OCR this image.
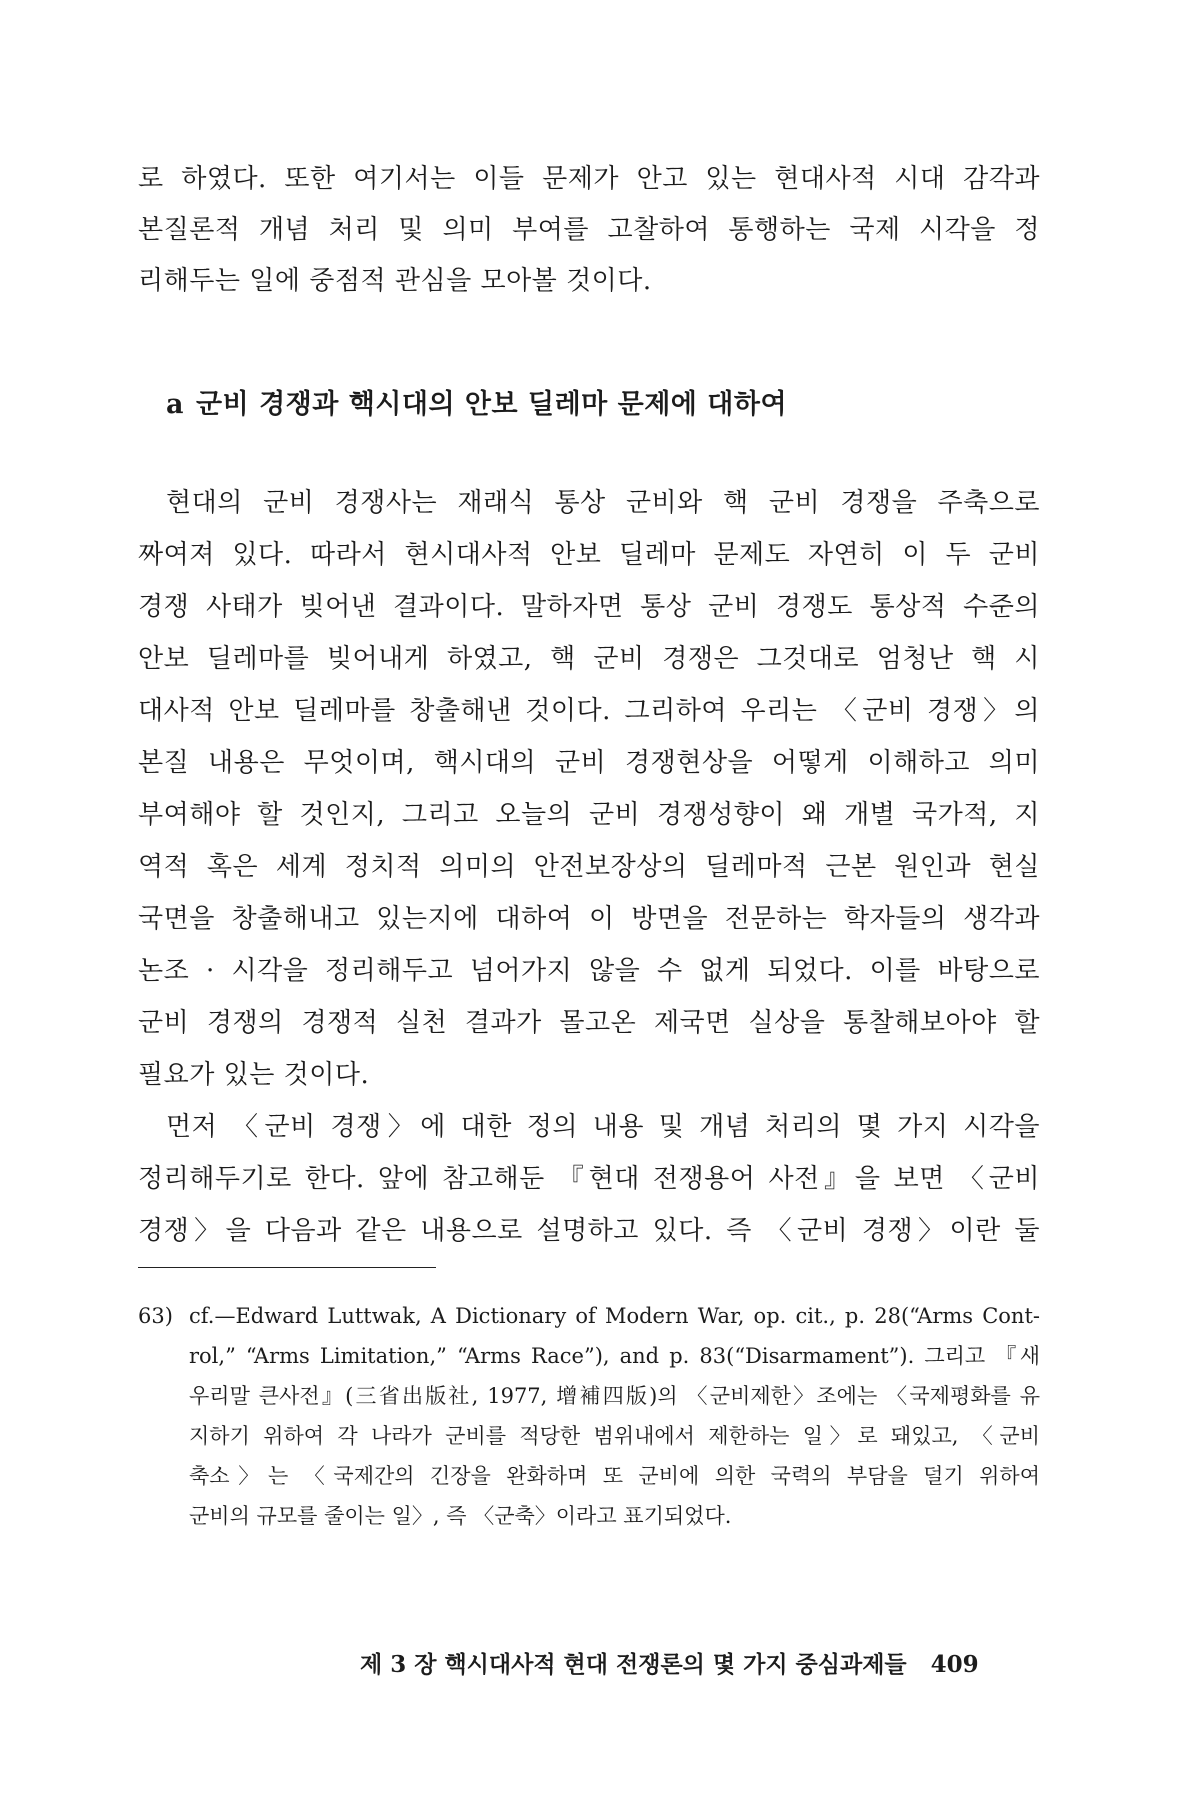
로 하였다. 또한 여기서는 이들 문제가 안고 있는 현대사적 시대 감각과
본질론적 개념 처리 및 의미 부여를 고찰하여 통행하는 국제 시각을 정
리해두는 일에 중점적 관심을 모아볼 것이다.
a 군비 경쟁과 핵시대의 안보 딜레마 문제에 대하여
현대의 군비 경쟁사는 재래식 통상 군비와 핵 군비 경쟁을 주축으로
짜여져 있다. 따라서 현시대사적 안보 딜레마 문제도 자연히 이 두 군비
경쟁 사태가 빚어낸 결과이다. 말하자면 통상 군비 경쟁도 통상적 수준의
안보 딜레마를 빚어내게 하였고, 핵 군비 경쟁은 그것대로 엄청난 핵 시
대사적 안보 딜레마를 창출해낸 것이다. 그리하여 우리는 〈군비 경쟁〉의
본질 내용은 무엇이며, 핵시대의 군비 경쟁현상을 어떻게 이해하고 의미
부여해야 할 것인지, 그리고 오늘의 군비 경쟁성향이 왜 개별 국가적, 지
역적 혹은 세계 정치적 의미의 안전보장상의 딜레마적 근본 원인과 현실
국면을 창출해내고 있는지에 대하여 이 방면을 전문하는 학자들의 생각과
논조 · 시각을 정리해두고 넘어가지 않을 수 없게 되었다. 이를 바탕으로
군비 경쟁의 경쟁적 실천 결과가 몰고온 제국면 실상을 통찰해보아야 할
필요가 있는 것이다.
먼저 〈군비 경쟁〉에 대한 정의 내용 및 개념 처리의 몇 가지 시각을
정리해두기로 한다. 앞에 참고해둔 『현대 전쟁용어 사전』을 보면 〈군비
경쟁〉을 다음과 같은 내용으로 설명하고 있다. 즉 〈군비 경쟁〉이란 둘
63) cf.—Edward Luttwak, A Dictionary of Modern War, op. cit., p. 28(“Arms Cont-
rol,” “Arms Limitation,” “Arms Race”), and p. 83(“Disarmament”). 그리고 『새
우리말 큰사전』(三省出版社, 1977, 增補四版)의 〈군비제한〉조에는 〈국제평화를 유
지하기 위하여 각 나라가 군비를 적당한 범위내에서 제한하는 일〉로 돼있고, 〈군비
축소〉는 〈국제간의 긴장을 완화하며 또 군비에 의한 국력의 부담을 덜기 위하여
군비의 규모를 줄이는 일〉, 즉 〈군축〉이라고 표기되었다.
제 3 장 핵시대사적 현대 전쟁론의 몇 가지 중심과제들 409
